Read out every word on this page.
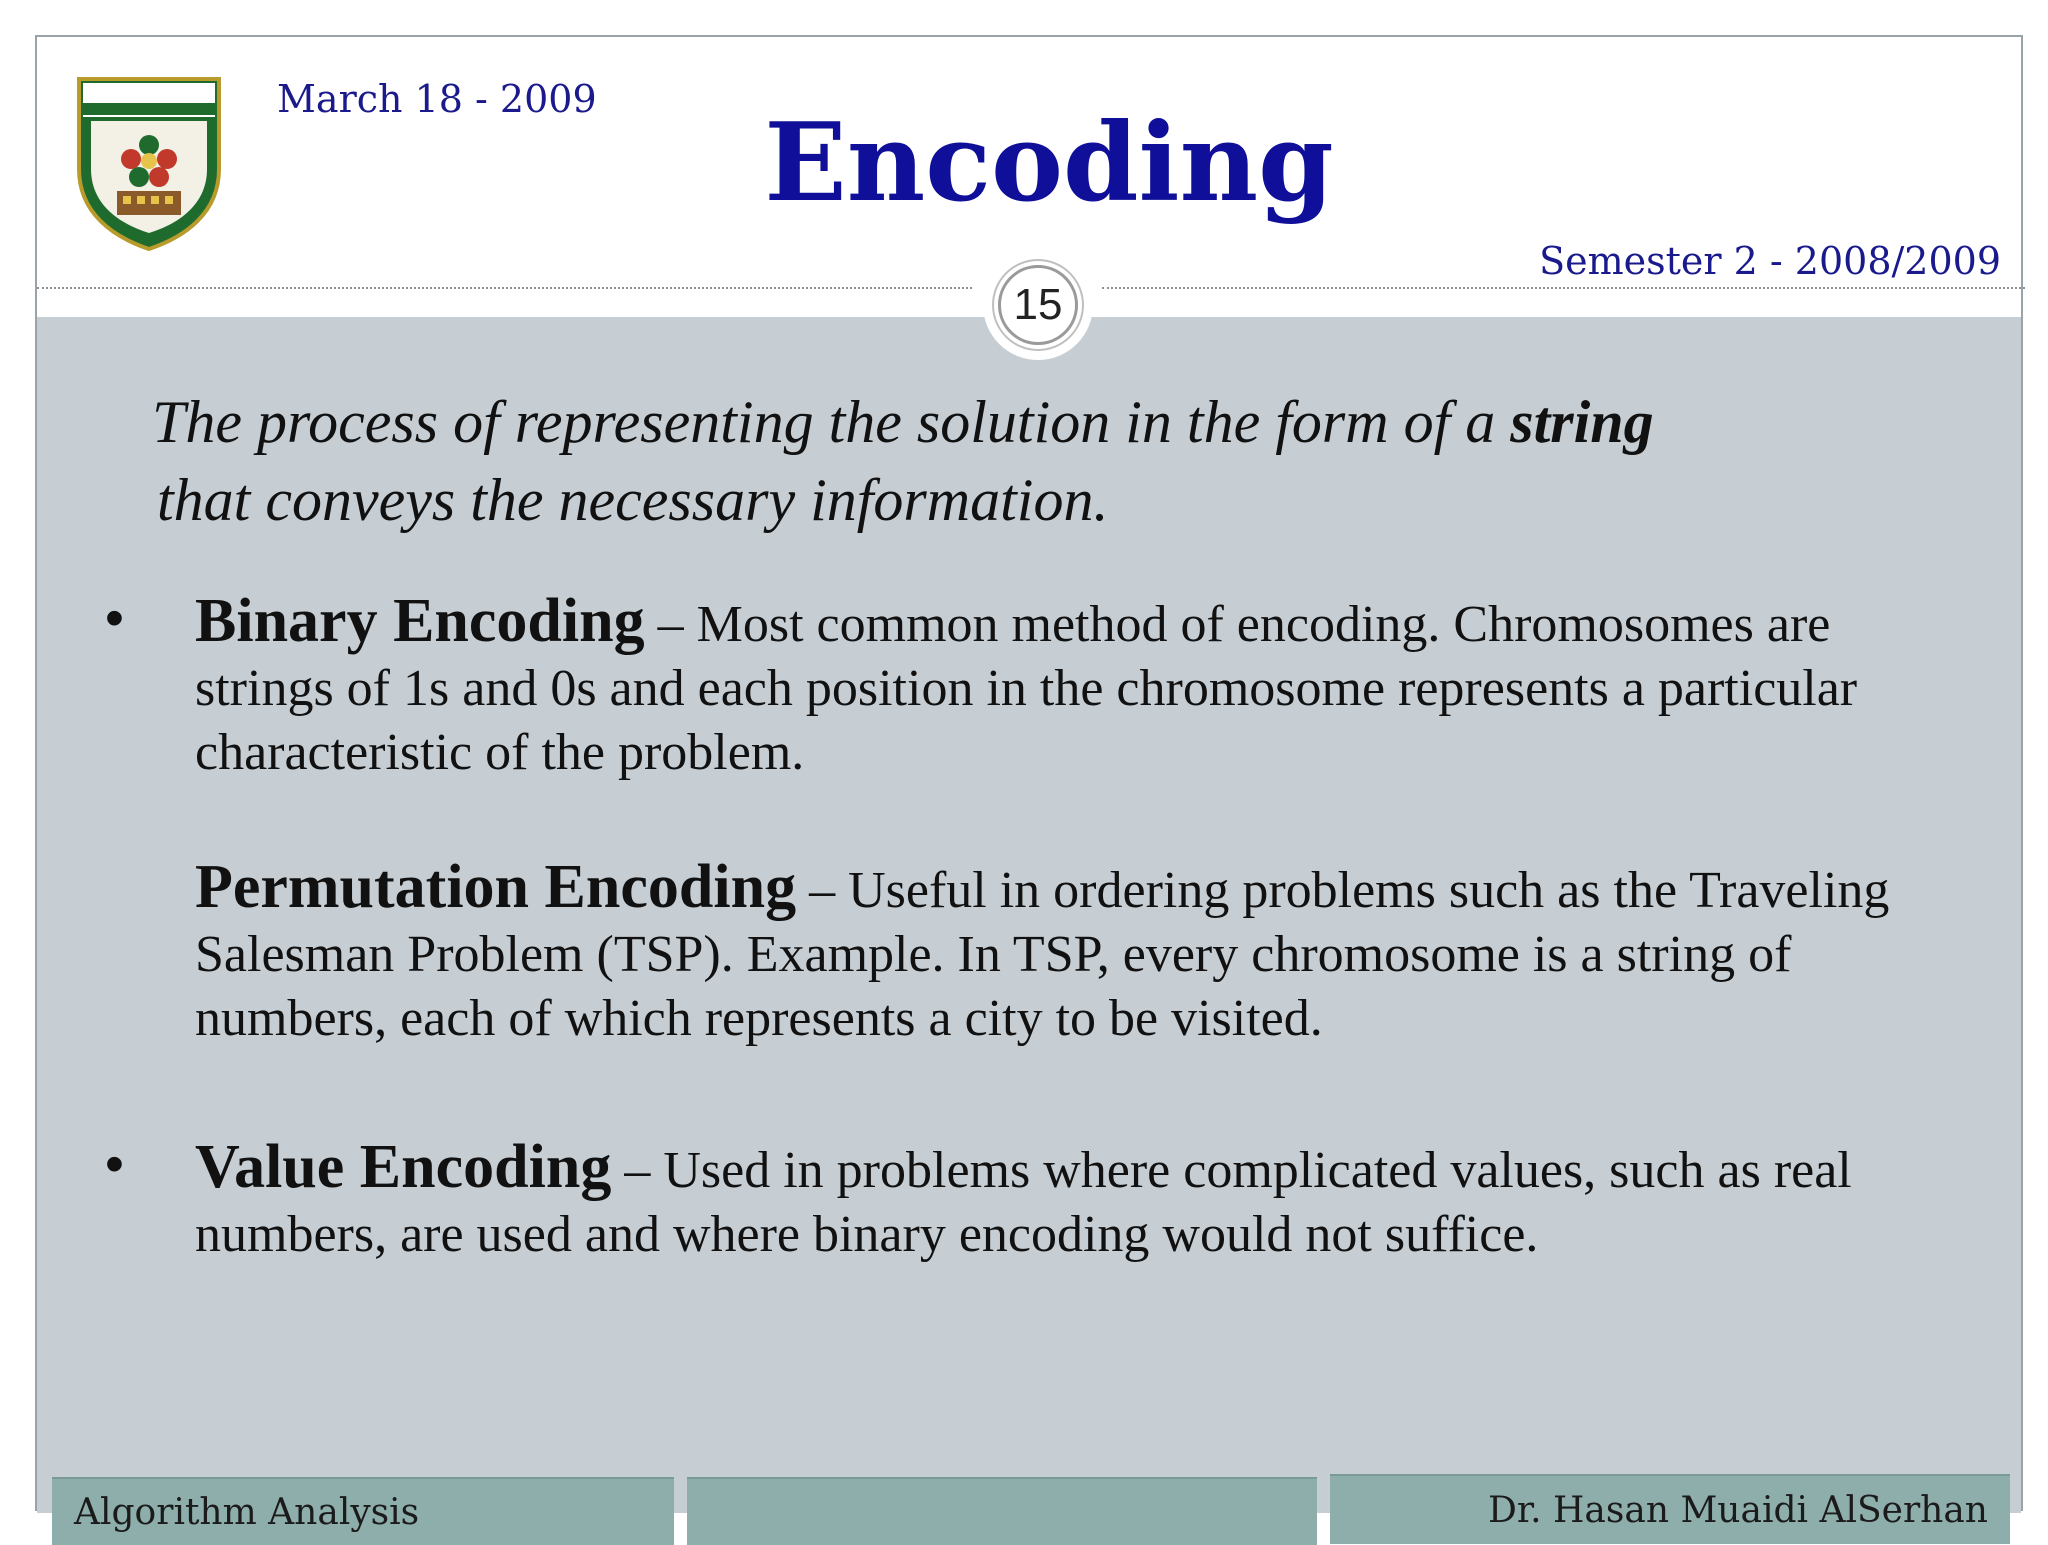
March 18 - 2009
Encoding
Semester 2 - 2008/2009
15
The process of representing the solution in the form of a string
that conveys the necessary information.
• Binary Encoding – Most common method of encoding. Chromosomes are strings of 1s and 0s and each position in the chromosome represents a particular characteristic of the problem.
Permutation Encoding – Useful in ordering problems such as the Traveling Salesman Problem (TSP). Example. In TSP, every chromosome is a string of numbers, each of which represents a city to be visited.
• Value Encoding – Used in problems where complicated values, such as real numbers, are used and where binary encoding would not suffice.
Algorithm Analysis	Dr. Hasan Muaidi AlSerhan
